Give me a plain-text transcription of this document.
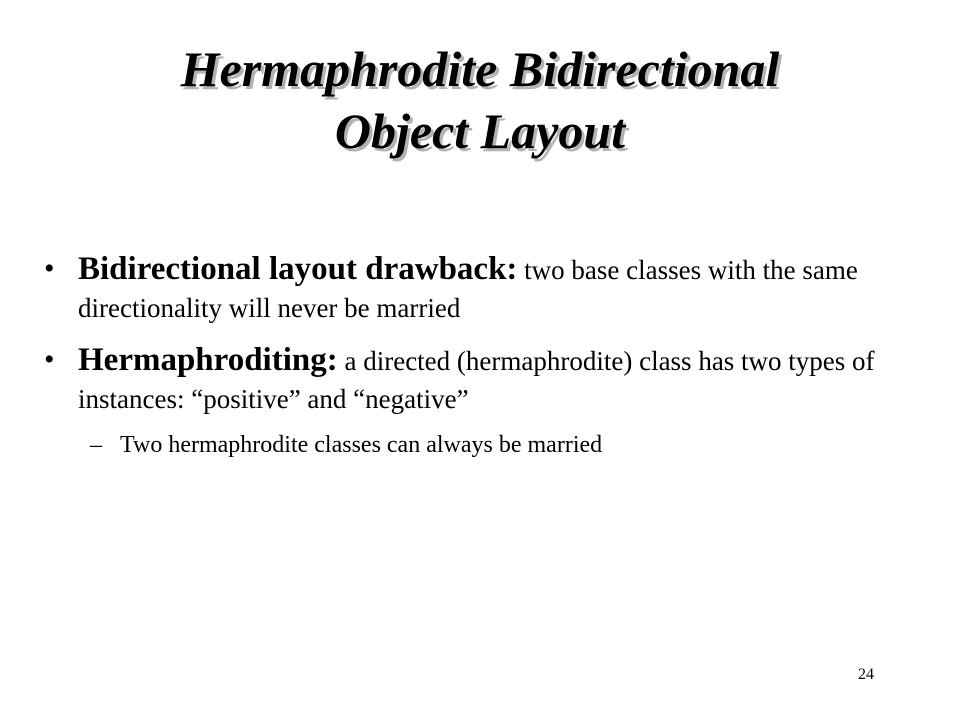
Hermaphrodite Bidirectional
Object Layout
• Bidirectional layout drawback: two base classes with the same directionality will never be married
• Hermaphroditing: a directed (hermaphrodite) class has two types of instances: “positive” and “negative”
– Two hermaphrodite classes can always be married
24
